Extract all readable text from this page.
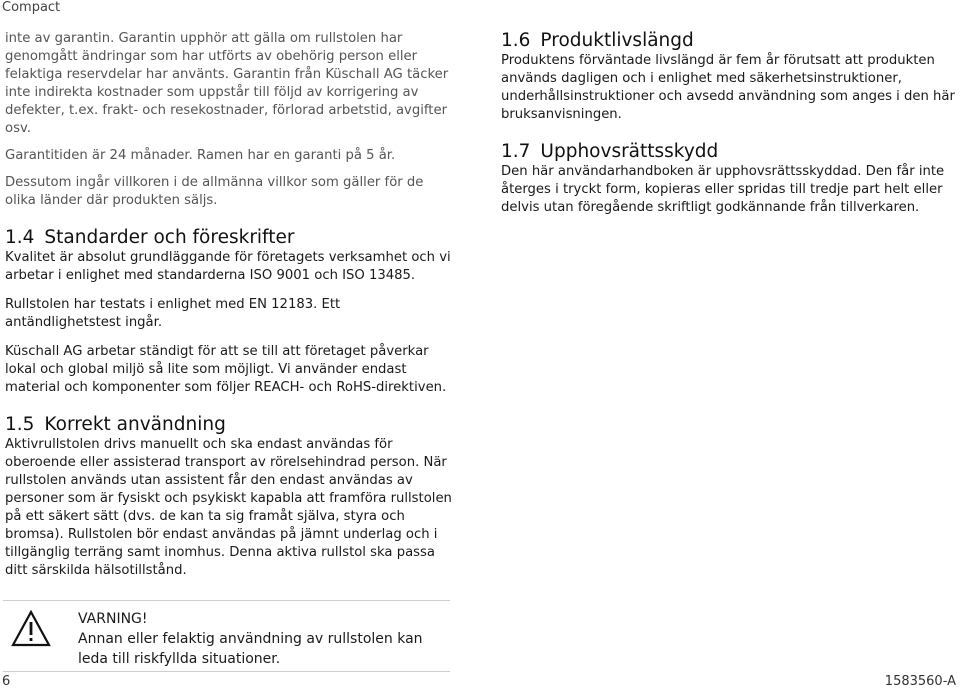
Compact

inte av garantin. Garantin upphör att gälla om rullstolen har genomgått ändringar som har utförts av obehörig person eller felaktiga reservdelar har använts. Garantin från Küschall AG täcker inte indirekta kostnader som uppstår till följd av korrigering av defekter, t.ex. frakt- och resekostnader, förlorad arbetstid, avgifter osv.

Garantitiden är 24 månader. Ramen har en garanti på 5 år.

Dessutom ingår villkoren i de allmänna villkor som gäller för de olika länder där produkten säljs.

1.4 Standarder och föreskrifter

Kvalitet är absolut grundläggande för företagets verksamhet och vi arbetar i enlighet med standarderna ISO 9001 och ISO 13485.

Rullstolen har testats i enlighet med EN 12183. Ett antändlighetstest ingår.

Küschall AG arbetar ständigt för att se till att företaget påverkar lokal och global miljö så lite som möjligt. Vi använder endast material och komponenter som följer REACH- och RoHS-direktiven.

1.5 Korrekt användning

Aktivrullstolen drivs manuellt och ska endast användas för oberoende eller assisterad transport av rörelsehindrad person. När rullstolen används utan assistent får den endast användas av personer som är fysiskt och psykiskt kapabla att framföra rullstolen på ett säkert sätt (dvs. de kan ta sig framåt själva, styra och bromsa). Rullstolen bör endast användas på jämnt underlag och i tillgänglig terräng samt inomhus. Denna aktiva rullstol ska passa ditt särskilda hälsotillstånd.

VARNING!
Annan eller felaktig användning av rullstolen kan leda till riskfyllda situationer.
1.6 Produktlivslängd

Produktens förväntade livslängd är fem år förutsatt att produkten används dagligen och i enlighet med säkerhetsinstruktioner, underhållsinstruktioner och avsedd användning som anges i den här bruksanvisningen.

1.7 Upphovsrättsskydd

Den här användarhandboken är upphovsrättsskyddad. Den får inte återges i tryckt form, kopieras eller spridas till tredje part helt eller delvis utan föregående skriftligt godkännande från tillverkaren.

6	1583560-A
